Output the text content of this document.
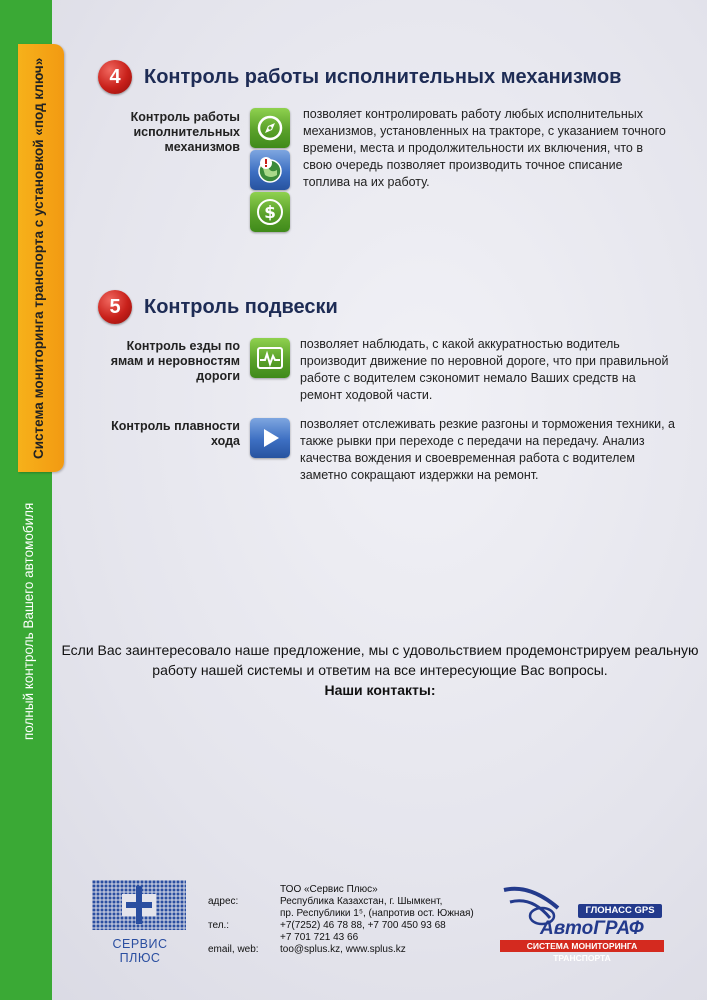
Система мониторинга транспорта с установкой «под ключ»
полный контроль Вашего автомобиля
4	Контроль работы исполнительных механизмов
Контроль работы исполнительных механизмов
$
позволяет контролировать работу любых исполнительных механизмов, установленных на тракторе, с указанием точного времени, места и продолжительности их включения, что в свою очередь позволяет производить точное списание топлива на их работу.
5	Контроль подвески
Контроль езды по ямам и неровностям дороги
позволяет наблюдать, с какой аккуратностью водитель производит движение по неровной дороге, что при правильной работе с водителем сэкономит немало Ваших средств на ремонт ходовой части.
Контроль плавности хода
позволяет отслеживать резкие разгоны и торможения техники, а также рывки при переходе с передачи на передачу. Анализ качества вождения и своевременная работа с водителем заметно сокращают издержки на ремонт.
Если Вас заинтересовало наше предложение, мы с удовольствием продемонстрируем реальную работу нашей системы и ответим на все интересующие Вас вопросы.
Наши контакты:
СЕРВИС ПЛЮС
ТОО «Сервис Плюс»
адрес:	Республика Казахстан, г. Шымкент,
пр. Республики 1⁵, (напротив ост. Южная)
тел.:	+7(7252) 46 78 88, +7 700 450 93 68
+7 701 721 43 66
email, web:	too@splus.kz, www.splus.kz
ГЛОНАСС GPS
АвтоГРАФ
СИСТЕМА МОНИТОРИНГА ТРАНСПОРТА
